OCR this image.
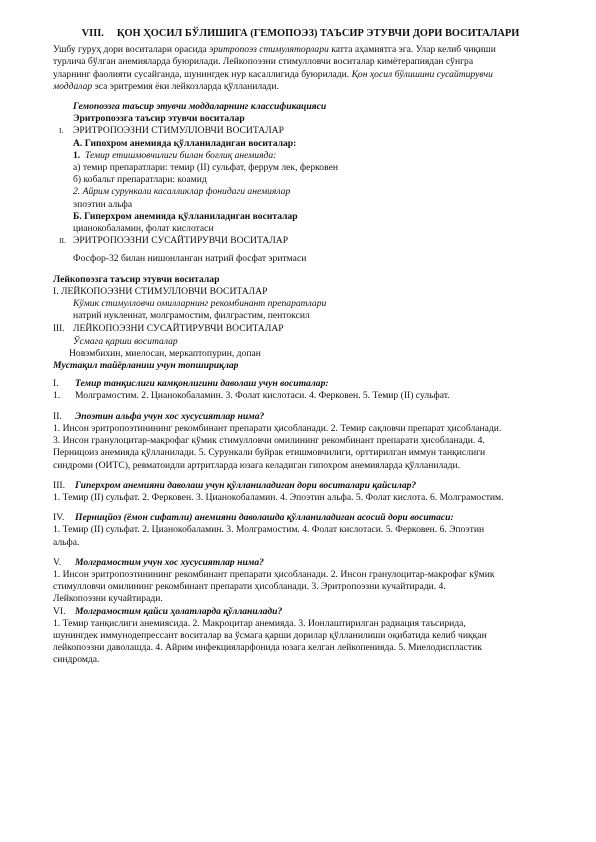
VIII. ҚОН ҲОСИЛ БЎЛИШИГА (ГЕМОПОЭЗ) ТАЪСИР ЭТУВЧИ ДОРИ ВОСИТАЛАРИ
Ушбу гуруҳ дори воситалари орасида эритропоэз стимуляторлари катта аҳамиятга эга. Улар келиб чиқиши
турлича бўлган анемияларда буюрилади. Лейкопоэзни стимулловчи воситалар кимётерапиядан сўнгра
уларнинг фаолияти сусайганда, шунингдек нур касаллигида буюрилади. Қон ҳосил бўлишини сусайтирувчи
моддалар эса эритремия ёки лейкозларда қўлланилади.
Гемопоэзга таъсир этувчи моддаларнинг классификацияси
Эритропоэзга таъсир этувчи воситалар
I. ЭРИТРОПОЭЗНИ СТИМУЛЛОВЧИ ВОСИТАЛАР
А. Гипохром анемияда қўлланиладиган воситалар:
1. Темир етишмовчилиги билан боғлиқ анемияда:
а) темир препаратлари: темир (II) сульфат, феррум лек, ферковен
б) кобальт препаратлари: коамид
2. Айрим сурункали касалликлар фонидаги анемиялар
эпоэтин альфа
Б. Гиперхром анемияда қўлланиладиган воситалар
цианокобаламин, фолат кислотаси
II. ЭРИТРОПОЭЗНИ СУСАЙТИРУВЧИ ВОСИТАЛАР
Фосфор-32 билан нишонланган натрий фосфат эритмаси
Лейкопоэзга таъсир этувчи воситалар
I. ЛЕЙКОПОЭЗНИ СТИМУЛЛОВЧИ ВОСИТАЛАР
Кўмик стимулловчи омилларнинг рекомбинант препаратлари
натрий нуклеинат, молграмостим, филграстим, пентоксил
III. ЛЕЙКОПОЭЗНИ СУСАЙТИРУВЧИ ВОСИТАЛАР
Ўсмага қарши воситалар
Новэмбихин, миелосан, меркаптопурин, допан
Мустақил тайёрланиш учун топшириқлар
I. Темир танқислиги камқонлигини даволаш учун воситалар:
1. Молграмостим. 2. Цианокобаламин. 3. Фолат кислотаси. 4. Ферковен. 5. Темир (II) сульфат.
II. Эпоэтин альфа учун хос хусусиятлар нима?
1. Инсон эритропоэтинининг рекомбинант препарати ҳисобланади. 2. Темир сақловчи препарат ҳисобланади.
3. Инсон гранулоцитар-макрофаг кўмик стимулловчи омилининг рекомбинант препарати ҳисобланади. 4.
Перницоиз анемияда қўлланилади. 5. Сурункали буйрак етишмовчилиги, орттирилган иммун танқислиги
синдроми (ОИТС), ревматоидли артритларда юзага келадиган гипохром анемияларда қўлланилади.
III. Гиперхром анемияни даволаш учун қўлланиладиган дори воситалари қайсилар?
1. Темир (II) сульфат. 2. Ферковен. 3. Цианокобаламин. 4. Эпоэтин альфа. 5. Фолат кислота. 6. Молграмостим.
IV. Перницйоз (ёмон сифатли) анемияни даволашда қўлланиладиган асосий дори воситаси:
1. Темир (II) сульфат. 2. Цианокобаламин. 3. Молграмостим. 4. Фолат кислотаси. 5. Ферковен. 6. Эпоэтин
альфа.
V. Молграмостим учун хос хусусиятлар нима?
1. Инсон эритропоэтинининг рекомбинант препарати ҳисобланади. 2. Инсон гранулоцитар-макрофаг кўмик
стимулловчи омилининг рекомбинант препарати ҳисобланади. 3. Эритропоэзни кучайтиради. 4.
Лейкопоэзни кучайтиради.
VI. Молграмостим қайси ҳолатларда қўлланилади?
1. Темир танқислиги анемиясида. 2. Макроцитар анемияда. 3. Ионлаштирилган радиация таъсирида,
шунингдек иммунодепрессант воситалар ва ўсмага қарши дорилар қўлланилиши оқибатида келиб чиққан
лейкопоэзни даволашда. 4. Айрим инфекцияларфонида юзага келган лейкопенияда. 5. Миелодиспластик
синдромда.
